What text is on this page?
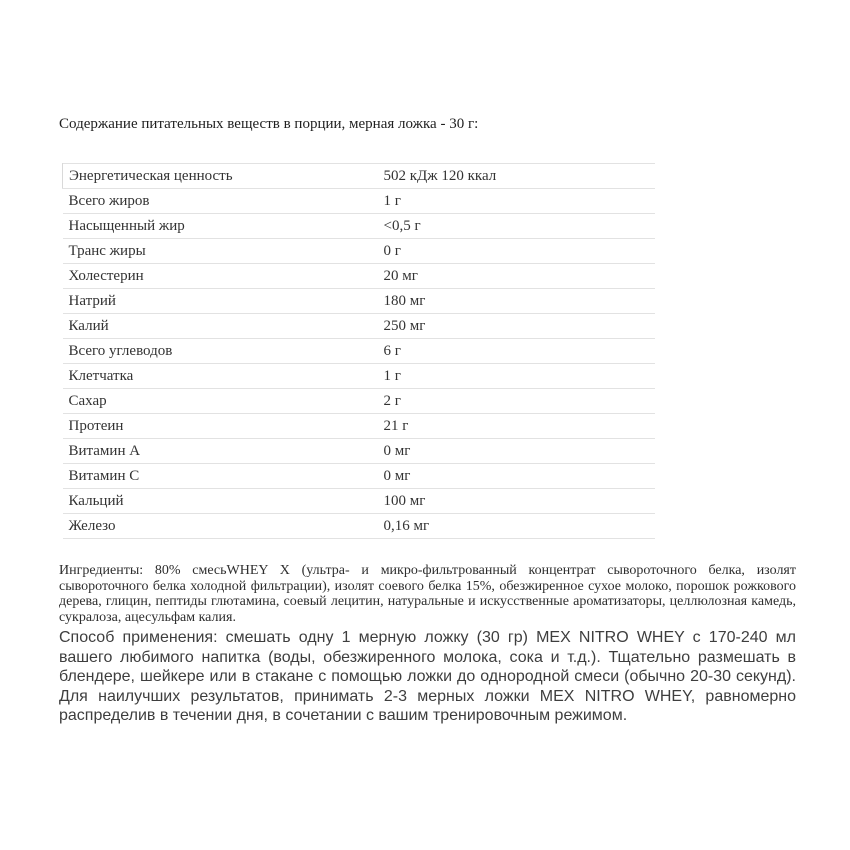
Содержание питательных веществ в порции, мерная ложка - 30 г:

Энергетическая ценность	502 кДж 120 ккал
Всего жиров	1 г
Насыщенный жир	<0,5 г
Транс жиры	0 г
Холестерин	20 мг
Натрий	180 мг
Калий	250 мг
Всего углеводов	6 г
Клетчатка	1 г
Сахар	2 г
Протеин	21 г
Витамин A	0 мг
Витамин C	0 мг
Кальций	100 мг
Железо	0,16 мг

Ингредиенты: 80% смесьWHEY X (ультра- и микро-фильтрованный концентрат сывороточного белка, изолят сывороточного белка холодной фильтрации), изолят соевого белка 15%, обезжиренное сухое молоко, порошок рожкового дерева, глицин, пептиды глютамина, соевый лецитин, натуральные и искусственные ароматизаторы, целлюлозная камедь, сукралоза, ацесульфам калия.

Способ применения: смешать одну 1 мерную ложку (30 гр) MEX NITRO WHEY с 170-240 мл вашего любимого напитка (воды, обезжиренного молока, сока и т.д.). Тщательно размешать в блендере, шейкере или в стакане с помощью ложки до однородной смеси (обычно 20-30 секунд). Для наилучших результатов, принимать 2-3 мерных ложки MEX NITRO WHEY, равномерно распределив в течении дня, в сочетании с вашим тренировочным режимом.
